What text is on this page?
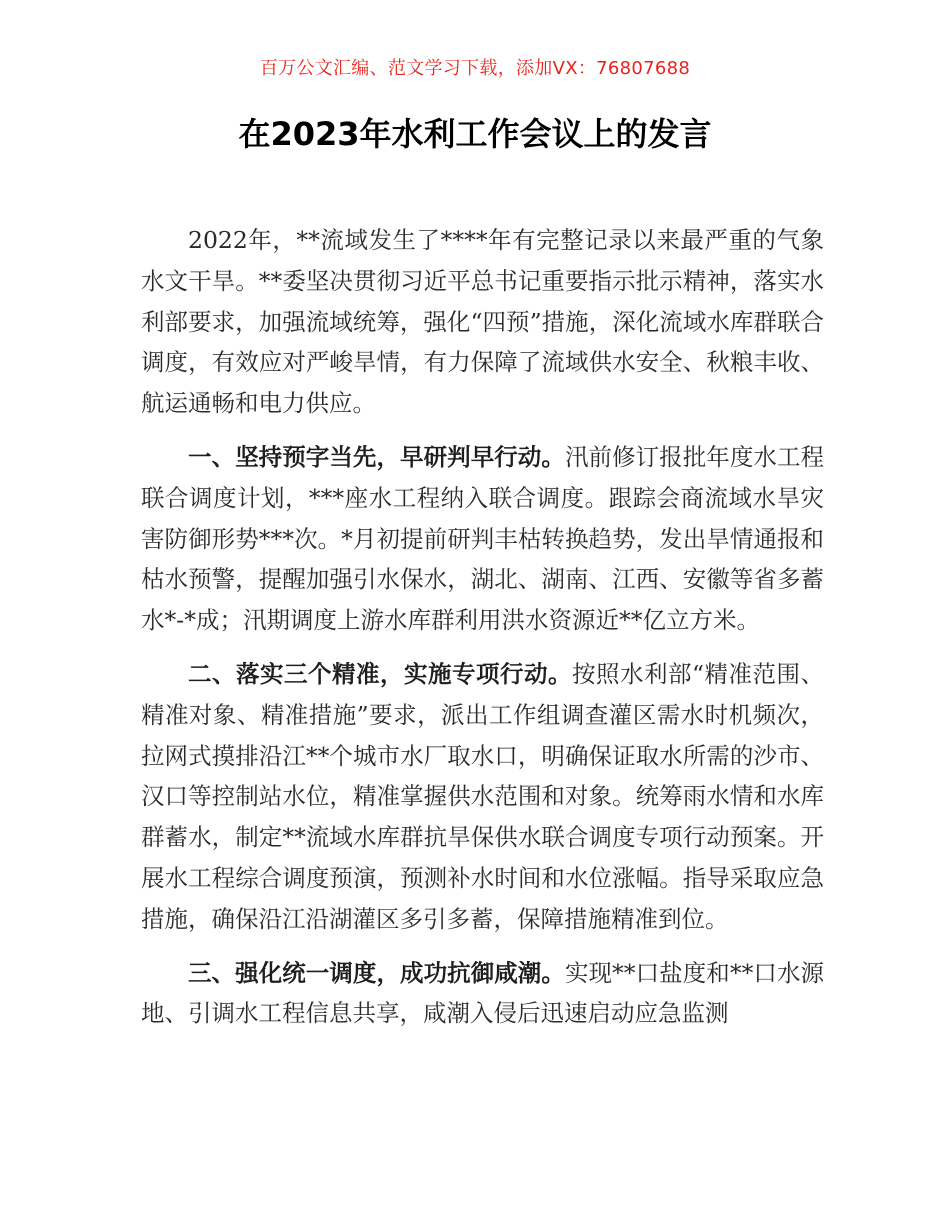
百万公文汇编、范文学习下载，添加VX：76807688
在2023年水利工作会议上的发言

2022年，**流域发生了****年有完整记录以来最严重的气象水文干旱。**委坚决贯彻习近平总书记重要指示批示精神，落实水利部要求，加强流域统筹，强化“四预”措施，深化流域水库群联合调度，有效应对严峻旱情，有力保障了流域供水安全、秋粮丰收、航运通畅和电力供应。

一、坚持预字当先，早研判早行动。汛前修订报批年度水工程联合调度计划，***座水工程纳入联合调度。跟踪会商流域水旱灾害防御形势***次。*月初提前研判丰枯转换趋势，发出旱情通报和枯水预警，提醒加强引水保水，湖北、湖南、江西、安徽等省多蓄水*-*成；汛期调度上游水库群利用洪水资源近**亿立方米。

二、落实三个精准，实施专项行动。按照水利部“精准范围、精准对象、精准措施”要求，派出工作组调查灌区需水时机频次，拉网式摸排沿江**个城市水厂取水口，明确保证取水所需的沙市、汉口等控制站水位，精准掌握供水范围和对象。统筹雨水情和水库群蓄水，制定**流域水库群抗旱保供水联合调度专项行动预案。开展水工程综合调度预演，预测补水时间和水位涨幅。指导采取应急措施，确保沿江沿湖灌区多引多蓄，保障措施精准到位。

三、强化统一调度，成功抗御咸潮。实现**口盐度和**口水源地、引调水工程信息共享，咸潮入侵后迅速启动应急监测
